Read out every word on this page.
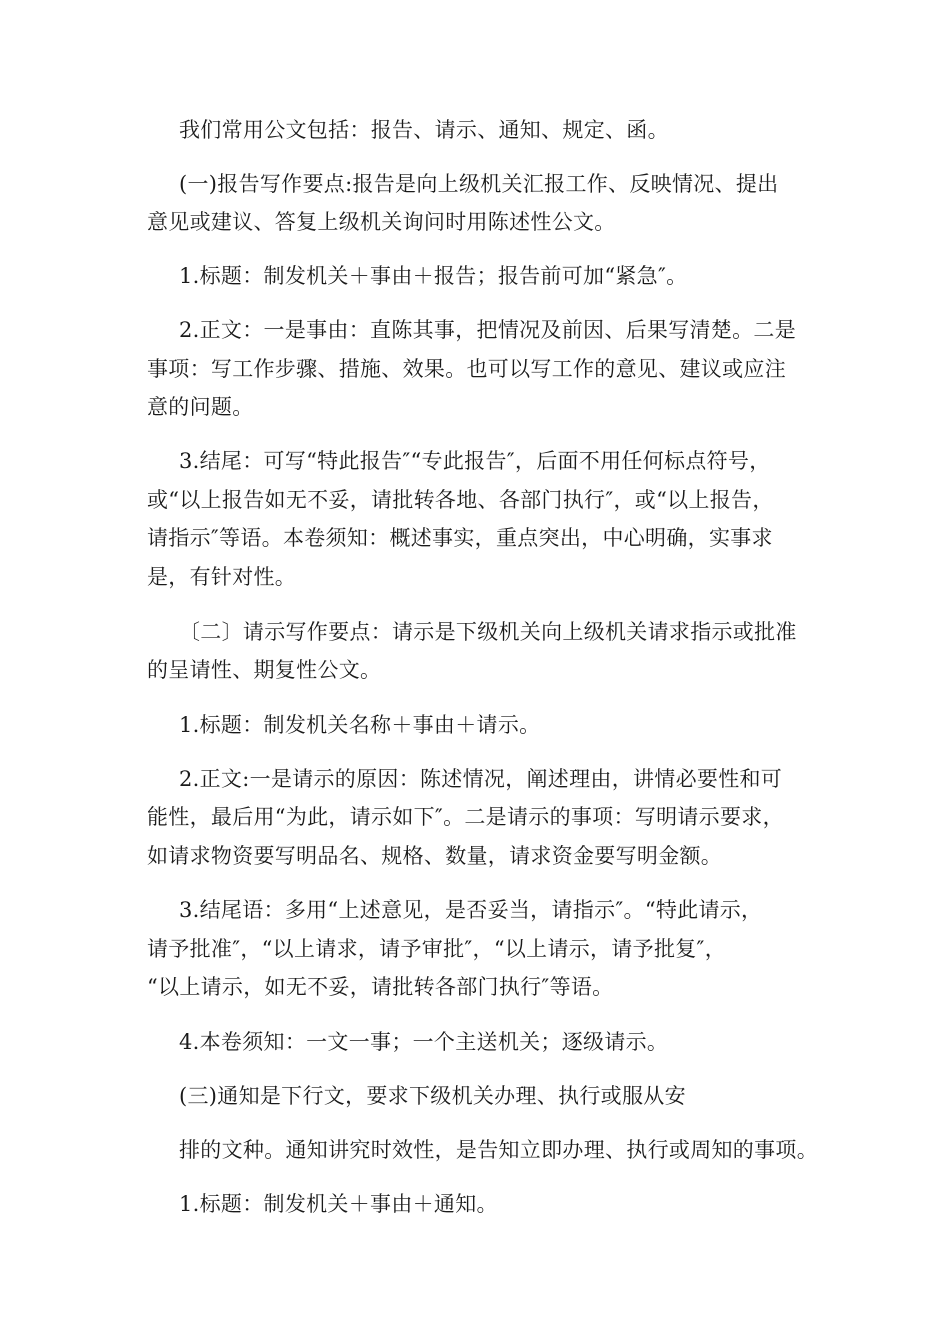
我们常用公文包括：报告、请示、通知、规定、函。
(一)报告写作要点:报告是向上级机关汇报工作、反映情况、提出
意见或建议、答复上级机关询问时用陈述性公文。
1.标题：制发机关＋事由＋报告；报告前可加“紧急″。
2.正文：一是事由：直陈其事，把情况及前因、后果写清楚。二是
事项：写工作步骤、措施、效果。也可以写工作的意见、建议或应注
意的问题。
3.结尾：可写“特此报告″“专此报告″，后面不用任何标点符号，
或“以上报告如无不妥，请批转各地、各部门执行″，或“以上报告，
请指示″等语。本卷须知：概述事实，重点突出，中心明确，实事求
是，有针对性。
〔二〕请示写作要点：请示是下级机关向上级机关请求指示或批准
的呈请性、期复性公文。
1.标题：制发机关名称＋事由＋请示。
2.正文:一是请示的原因：陈述情况，阐述理由，讲情必要性和可
能性，最后用“为此，请示如下″。二是请示的事项：写明请示要求，
如请求物资要写明品名、规格、数量，请求资金要写明金额。
3.结尾语：多用“上述意见，是否妥当，请指示″。“特此请示，
请予批准″，“以上请求，请予审批″，“以上请示，请予批复″，
“以上请示，如无不妥，请批转各部门执行″等语。
4.本卷须知：一文一事；一个主送机关；逐级请示。
(三)通知是下行文，要求下级机关办理、执行或服从安
排的文种。通知讲究时效性，是告知立即办理、执行或周知的事项。
1.标题：制发机关＋事由＋通知。
